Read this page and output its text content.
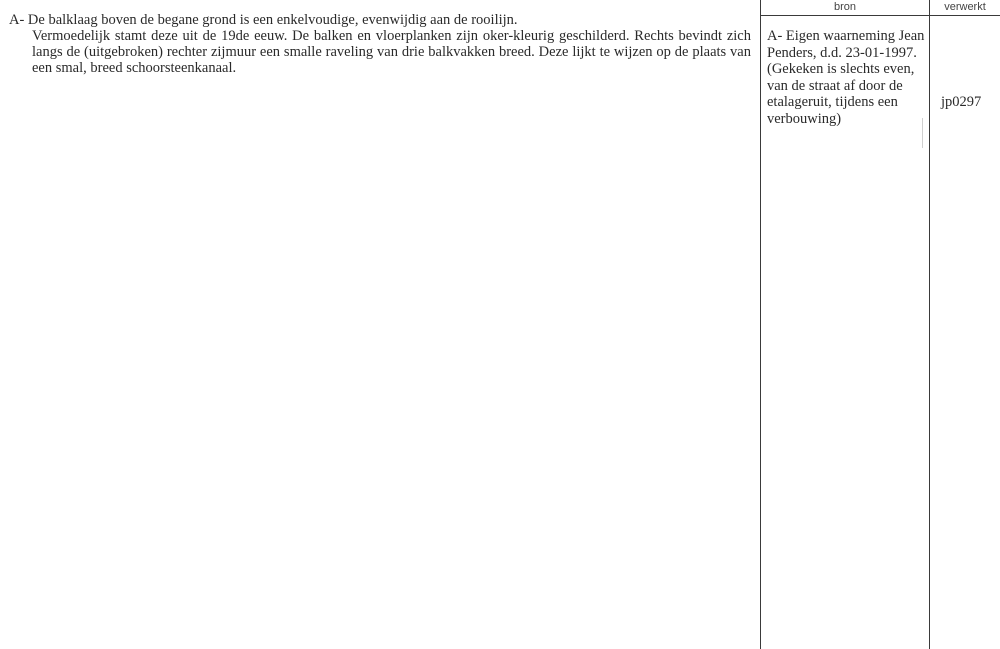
A- De balklaag boven de begane grond is een enkelvoudige, evenwijdig aan de rooilijn.
Vermoedelijk stamt deze uit de 19de eeuw. De balken en vloerplanken zijn oker-kleurig geschilderd. Rechts bevindt zich langs de (uitgebroken) rechter zijmuur een smalle raveling van drie balkvakken breed. Deze lijkt te wijzen op de plaats van een smal, breed schoorsteenkanaal.
bron	verwerkt
A- Eigen waarneming Jean
Penders, d.d. 23-01-1997.
(Gekeken is slechts even,
van de straat af door de
etalageruit, tijdens een
verbouwing)
jp0297
